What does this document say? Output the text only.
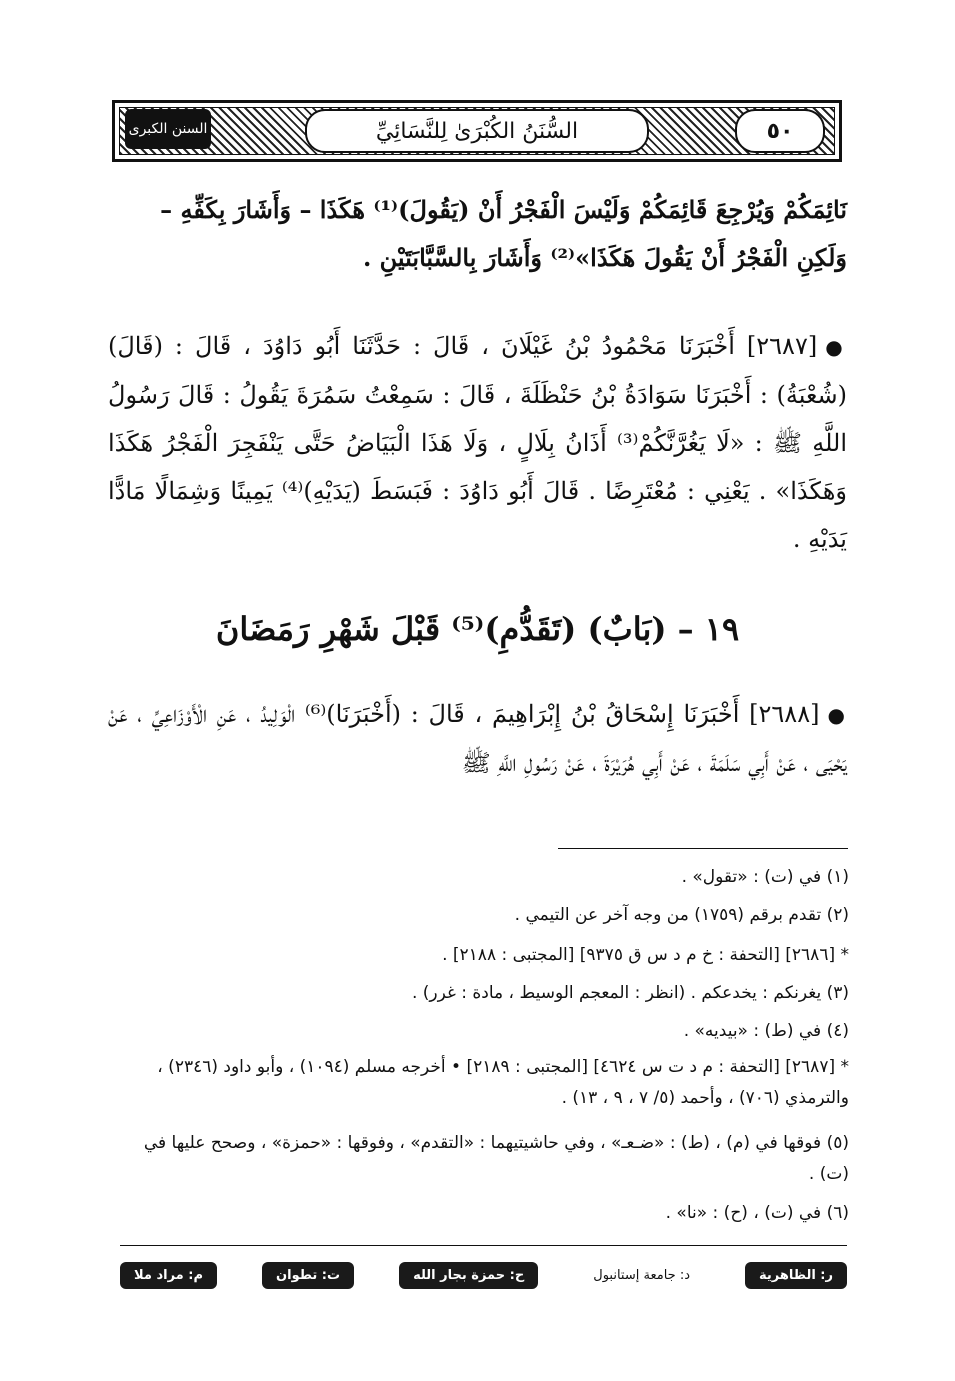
السنن الكبرى	السُّنَنُ الكُبْرَىٰ لِلنَّسَائِيِّ	٥٠
نَائِمَكُمْ وَيُرْجِعَ قَائِمَكُمْ وَلَيْسَ الْفَجْرُ أَنْ (يَقُولَ)⁽¹⁾ هَكَذَا – وَأَشَارَ بِكَفِّهِ –
وَلَكِنِ الْفَجْرُ أَنْ يَقُولَ هَكَذَا»⁽²⁾ وَأَشَارَ بِالسَّبَّابَتَيْنِ .
●[٢٦٨٧] أَخْبَرَنَا مَحْمُودُ بْنُ غَيْلَانَ ، قَالَ : حَدَّثَنَا أَبُو دَاوُدَ ، قَالَ : (قَالَ) (شُعْبَةُ) : أَخْبَرَنَا سَوَادَةُ بْنُ حَنْظَلَةَ ، قَالَ : سَمِعْتُ سَمُرَةَ يَقُولُ : قَالَ رَسُولُ اللَّهِ ﷺ : «لَا يَغُرَّنَّكُمْ⁽³⁾ أَذَانُ بِلَالٍ ، وَلَا هَذَا الْبَيَاضُ حَتَّى يَنْفَجِرَ الْفَجْرُ هَكَذَا وَهَكَذَا» . يَعْنِي : مُعْتَرِضًا . قَالَ أَبُو دَاوُدَ : فَبَسَطَ (يَدَيْهِ)⁽⁴⁾ يَمِينًا وَشِمَالًا مَادًّا يَدَيْهِ .
١٩ – (بَابٌ) (تَقَدُّمِ)⁽⁵⁾ قَبْلَ شَهْرِ رَمَضَانَ
●[٢٦٨٨] أَخْبَرَنَا إِسْحَاقُ بْنُ إِبْرَاهِيمَ ، قَالَ : (أَخْبَرَنَا)⁽⁶⁾ الْوَلِيدُ ، عَنِ الْأَوْزَاعِيِّ ، عَنْ يَحْيَى ، عَنْ أَبِي سَلَمَةَ ، عَنْ أَبِي هُرَيْرَةَ ، عَنْ رَسُولِ اللَّهِ ﷺ
(١) في (ت) : «تقول» .
(٢) تقدم برقم (١٧٥٩) من وجه آخر عن التيمي .
* [٢٦٨٦] [التحفة : خ م د س ق ٩٣٧٥] [المجتبى : ٢١٨٨] .
(٣) يغرنكم : يخدعكم . (انظر : المعجم الوسيط ، مادة : غرر) .
(٤) في (ط) : «بيديه» .
* [٢٦٨٧] [التحفة : م د ت س ٤٦٢٤] [المجتبى : ٢١٨٩] • أخرجه مسلم (١٠٩٤) ، وأبو داود (٢٣٤٦) ، والترمذي (٧٠٦) ، وأحمد (٥/ ٧ ، ٩ ، ١٣) .
(٥) فوقها في (م) ، (ط) : «ضـعـ» ، وفي حاشيتيهما : «التقدم» ، وفوقها : «حمزة» ، وصحح عليها في (ت) .
(٦) في (ت) ، (ح) : «نا» .
م: مراد ملا	ت: تطوان	ح: حمزة بجار الله	د: جامعة إستانبول	ر: الظاهرية
